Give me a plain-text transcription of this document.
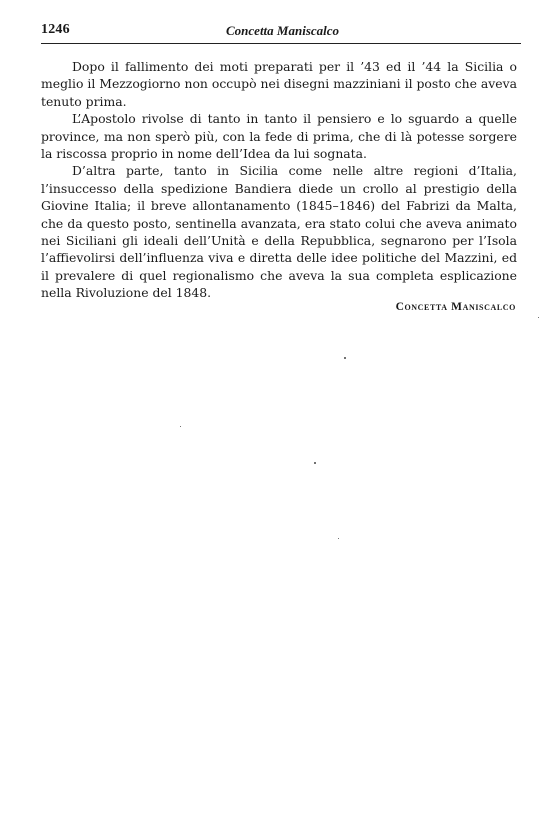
1246	Concetta Maniscalco

Dopo il fallimento dei moti preparati per il ’43 ed il ’44 la Sicilia o meglio il Mezzogiorno non occupò nei disegni mazziniani il posto che aveva tenuto prima.

L’Apostolo rivolse di tanto in tanto il pensiero e lo sguardo a quelle province, ma non sperò più, con la fede di prima, che di là potesse sorgere la riscossa proprio in nome dell’Idea da lui sognata.

D’altra parte, tanto in Sicilia come nelle altre regioni d’Italia, l’insuccesso della spedizione Bandiera diede un crollo al prestigio della Giovine Italia; il breve allontanamento (1845–1846) del Fabrizi da Malta, che da questo posto, sentinella avanzata, era stato colui che aveva animato nei Siciliani gli ideali dell’Unità e della Repubblica, segnarono per l’Isola l’affievolirsi dell’influenza viva e diretta delle idee politiche del Mazzini, ed il prevalere di quel regionalismo che aveva la sua completa esplicazione nella Rivoluzione del 1848.

Concetta Maniscalco
